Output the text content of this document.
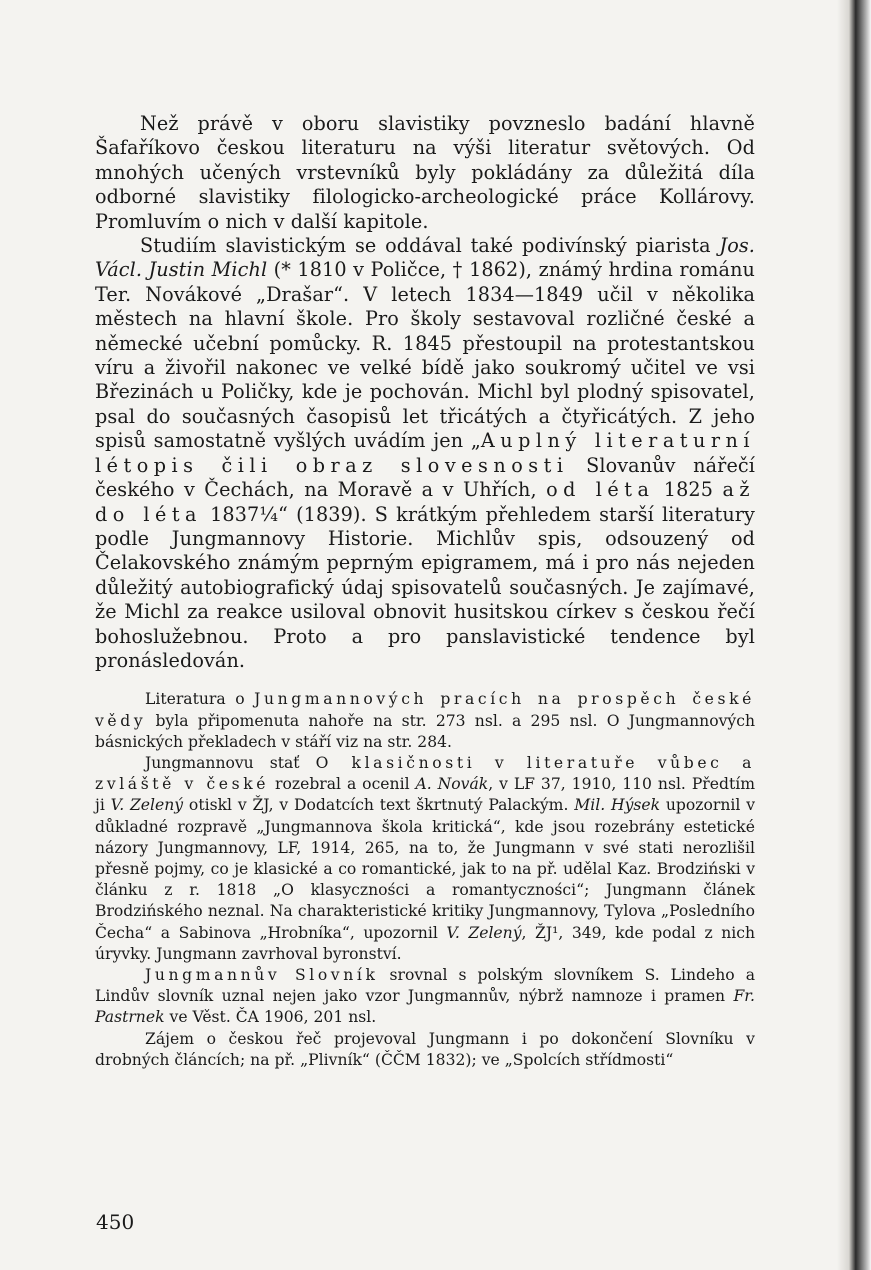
Než právě v oboru slavistiky povzneslo badání hlavně Šafaříkovo českou literaturu na výši literatur světových. Od mnohých učených vrstevníků byly pokládány za důležitá díla odborné slavistiky filologicko-archeologické práce Kollárovy. Promluvím o nich v další kapitole.

Studiím slavistickým se oddával také podivínský piarista Jos. Václ. Justin Michl (* 1810 v Poličce, † 1862), známý hrdina románu Ter. Novákové „Drašar“. V letech 1834—1849 učil v několika městech na hlavní škole. Pro školy sestavoval rozličné české a německé učební pomůcky. R. 1845 přestoupil na protestantskou víru a živořil nakonec ve velké bídě jako soukromý učitel ve vsi Březinách u Poličky, kde je pochován. Michl byl plodný spisovatel, psal do současných časopisů let třicátých a čtyřicátých. Z jeho spisů samostatně vyšlých uvádím jen „Auplný literaturní létopis čili obraz slovesnosti Slovanův nářečí českého v Čechách, na Moravě a v Uhřích, od léta 1825 až do léta 1837¼“ (1839). S krátkým přehledem starší literatury podle Jungmannovy Historie. Michlův spis, odsouzený od Čelakovského známým peprným epigramem, má i pro nás nejeden důležitý autobiografický údaj spisovatelů současných. Je zajímavé, že Michl za reakce usiloval obnovit husitskou církev s českou řečí bohoslužebnou. Proto a pro panslavistické tendence byl pronásledován.

Literatura o Jungmannových pracích na prospěch české vědy byla připomenuta nahoře na str. 273 nsl. a 295 nsl. O Jungmannových básnických překladech v stáří viz na str. 284.

Jungmannovu stať O klasičnosti v literatuře vůbec a zvláště v české rozebral a ocenil A. Novák, v LF 37, 1910, 110 nsl. Předtím ji V. Zelený otiskl v ŽJ, v Dodatcích text škrtnutý Palackým. Mil. Hýsek upozornil v důkladné rozpravě „Jungmannova škola kritická“, kde jsou rozebrány estetické názory Jungmannovy, LF, 1914, 265, na to, že Jungmann v své stati nerozlišil přesně pojmy, co je klasické a co romantické, jak to na př. udělal Kaz. Brodziński v článku z r. 1818 „O klasyczności a romantyczności“; Jungmann článek Brodzińského neznal. Na charakteristické kritiky Jungmannovy, Tylova „Posledního Čecha“ a Sabinova „Hrobníka“, upozornil V. Zelený, ŽJ¹, 349, kde podal z nich úryvky. Jungmann zavrhoval byronství.

Jungmannův Slovník srovnal s polským slovníkem S. Lindeho a Lindův slovník uznal nejen jako vzor Jungmannův, nýbrž namnoze i pramen Fr. Pastrnek ve Věst. ČA 1906, 201 nsl.

Zájem o českou řeč projevoval Jungmann i po dokončení Slovníku v drobných článcích; na př. „Plivník“ (ČČM 1832); ve „Spolcích střídmosti“

450
